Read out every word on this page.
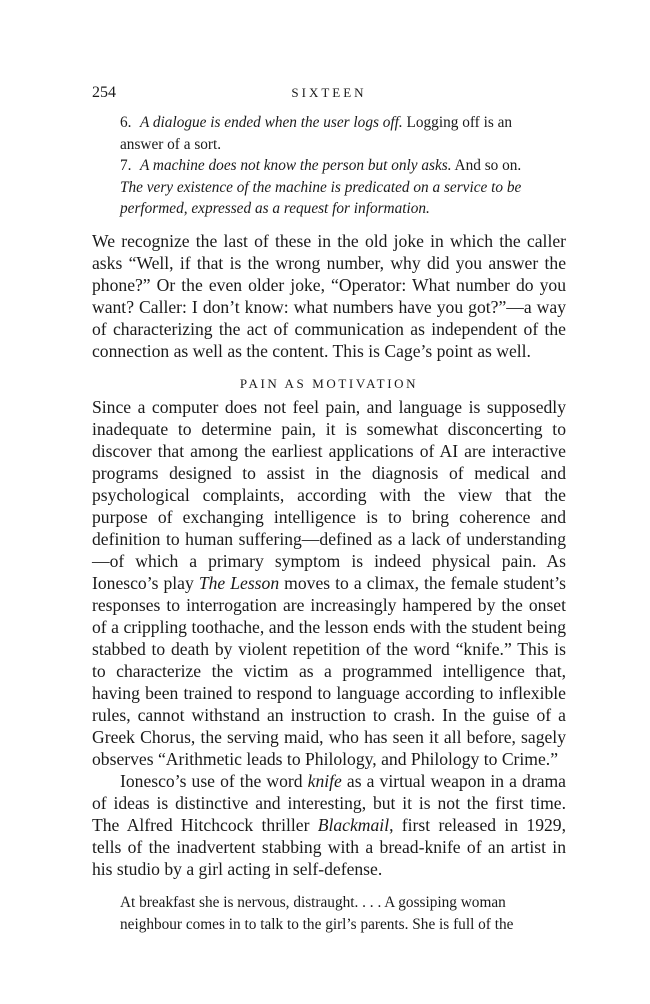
254	SIXTEEN

6. A dialogue is ended when the user logs off. Logging off is an answer of a sort.

7. A machine does not know the person but only asks. And so on. The very existence of the machine is predicated on a service to be performed, expressed as a request for information.

We recognize the last of these in the old joke in which the caller asks “Well, if that is the wrong number, why did you answer the phone?” Or the even older joke, “Operator: What number do you want? Caller: I don’t know: what numbers have you got?”—a way of characterizing the act of communication as independent of the connection as well as the content. This is Cage’s point as well.

PAIN AS MOTIVATION

Since a computer does not feel pain, and language is supposedly inadequate to determine pain, it is somewhat disconcerting to discover that among the earliest applications of AI are interactive programs designed to assist in the diagnosis of medical and psychological complaints, according with the view that the purpose of exchanging intelligence is to bring coherence and definition to human suffering—defined as a lack of understanding—of which a primary symptom is indeed physical pain. As Ionesco’s play The Lesson moves to a climax, the female student’s responses to interrogation are increasingly hampered by the onset of a crippling toothache, and the lesson ends with the student being stabbed to death by violent repetition of the word “knife.” This is to characterize the victim as a programmed intelligence that, having been trained to respond to language according to inflexible rules, cannot withstand an instruction to crash. In the guise of a Greek Chorus, the serving maid, who has seen it all before, sagely observes “Arithmetic leads to Philology, and Philology to Crime.”

Ionesco’s use of the word knife as a virtual weapon in a drama of ideas is distinctive and interesting, but it is not the first time. The Alfred Hitchcock thriller Blackmail, first released in 1929, tells of the inadvertent stabbing with a bread-knife of an artist in his studio by a girl acting in self-defense.

At breakfast she is nervous, distraught. . . . A gossiping woman neighbour comes in to talk to the girl’s parents. She is full of the
